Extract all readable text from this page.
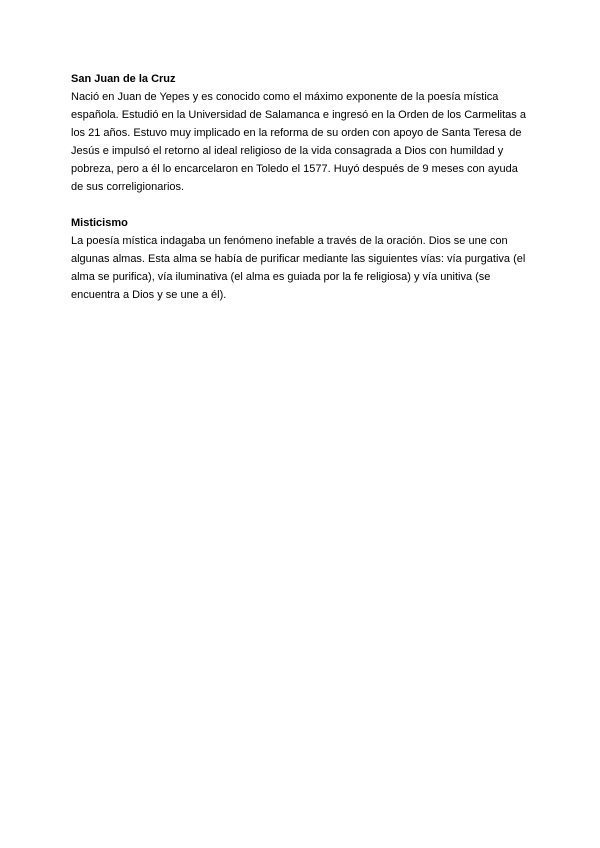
San Juan de la Cruz

Nació en Juan de Yepes y es conocido como el máximo exponente de la poesía mística española. Estudió en la Universidad de Salamanca e ingresó en la Orden de los Carmelitas a los 21 años. Estuvo muy implicado en la reforma de su orden con apoyo de Santa Teresa de Jesús e impulsó el retorno al ideal religioso de la vida consagrada a Dios con humildad y pobreza, pero a él lo encarcelaron en Toledo el 1577. Huyó después de 9 meses con ayuda de sus correligionarios.

Misticismo

La poesía mística indagaba un fenómeno inefable a través de la oración. Dios se une con algunas almas. Esta alma se había de purificar mediante las siguientes vías: vía purgativa (el alma se purifica), vía iluminativa (el alma es guiada por la fe religiosa) y vía unitiva (se encuentra a Dios y se une a él).
